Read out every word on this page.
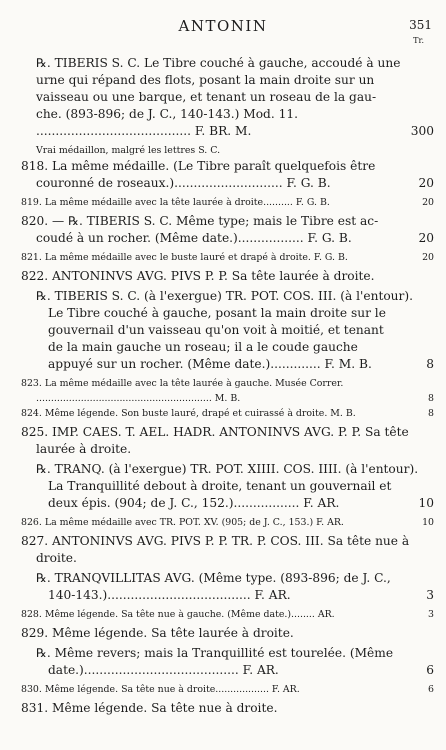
ANTONIN	351
Tr.
℞. TIBERIS S. C. Le Tibre couché à gauche, accoudé à une
urne qui répand des flots, posant la main droite sur un
vaisseau ou une barque, et tenant un roseau de la gau-
che. (893-896; de J. C., 140-143.) Mod. 11.
........................................ F. BR. M.	300
Vrai médaillon, malgré les lettres S. C.
818. La même médaille. (Le Tibre paraît quelquefois être
couronné de roseaux.)............................ F. G. B.	20
819. La même médaille avec la tête laurée à droite.......... F. G. B.	20
820. — ℞. TIBERIS S. C. Même type; mais le Tibre est ac-
coudé à un rocher. (Même date.)................. F. G. B.	20
821. La même médaille avec le buste lauré et drapé à droite. F. G. B.	20
822. ANTONINVS AVG. PIVS P. P. Sa tête laurée à droite.
℞. TIBERIS S. C. (à l'exergue) TR. POT. COS. III. (à l'entour).
Le Tibre couché à gauche, posant la main droite sur le
gouvernail d'un vaisseau qu'on voit à moitié, et tenant
de la main gauche un roseau; il a le coude gauche
appuyé sur un rocher. (Même date.)............. F. M. B.	8
823. La même médaille avec la tête laurée à gauche. Musée Correr.
........................................................... M. B.	8
824. Même légende. Son buste lauré, drapé et cuirassé à droite. M. B.	8
825. IMP. CAES. T. AEL. HADR. ANTONINVS AVG. P. P. Sa tête
laurée à droite.
℞. TRANQ. (à l'exergue) TR. POT. XIIII. COS. IIII. (à l'entour).
La Tranquillité debout à droite, tenant un gouvernail et
deux épis. (904; de J. C., 152.)................. F. AR.	10
826. La même médaille avec TR. POT. XV. (905; de J. C., 153.) F. AR.	10
827. ANTONINVS AVG. PIVS P. P. TR. P. COS. III. Sa tête nue à
droite.
℞. TRANQVILLITAS AVG. (Même type. (893-896; de J. C.,
140-143.)..................................... F. AR.	3
828. Même légende. Sa tête nue à gauche. (Même date.)........ AR.	3
829. Même légende. Sa tête laurée à droite.
℞. Même revers; mais la Tranquillité est tourelée. (Même
date.)........................................ F. AR.	6
830. Même légende. Sa tête nue à droite.................. F. AR.	6
831. Même légende. Sa tête nue à droite.
